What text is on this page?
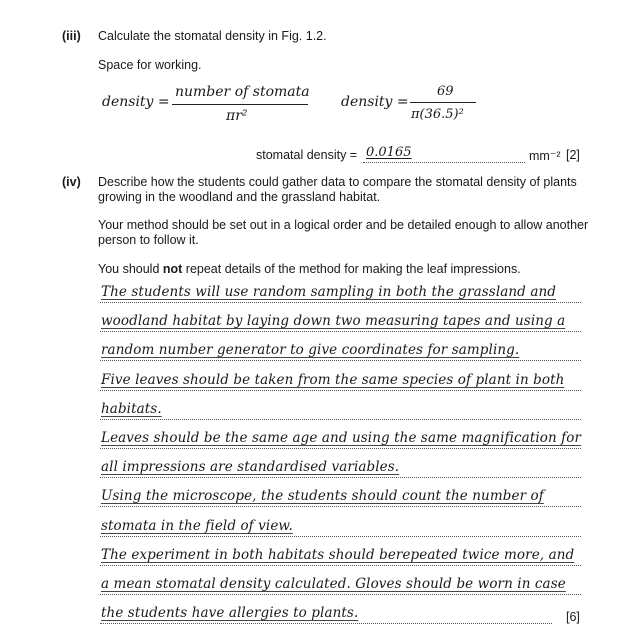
(iii) Calculate the stomatal density in Fig. 1.2.
Space for working.
density =
number of stomata
πr²
density =
69
π(36.5)²
stomatal density = 0.0165	mm⁻² [2]
(iv) Describe how the students could gather data to compare the stomatal density of plants
growing in the woodland and the grassland habitat.
Your method should be set out in a logical order and be detailed enough to allow another
person to follow it.
You should not repeat details of the method for making the leaf impressions.
The students will use random sampling in both the grassland and
woodland habitat by laying down two measuring tapes and using a
random number generator to give coordinates for sampling.
Five leaves should be taken from the same species of plant in both
habitats.
Leaves should be the same age and using the same magnification for
all impressions are standardised variables.
Using the microscope, the students should count the number of
stomata in the field of view.
The experiment in both habitats should berepeated twice more, and
a mean stomatal density calculated. Gloves should be worn in case
the students have allergies to plants.	[6]
